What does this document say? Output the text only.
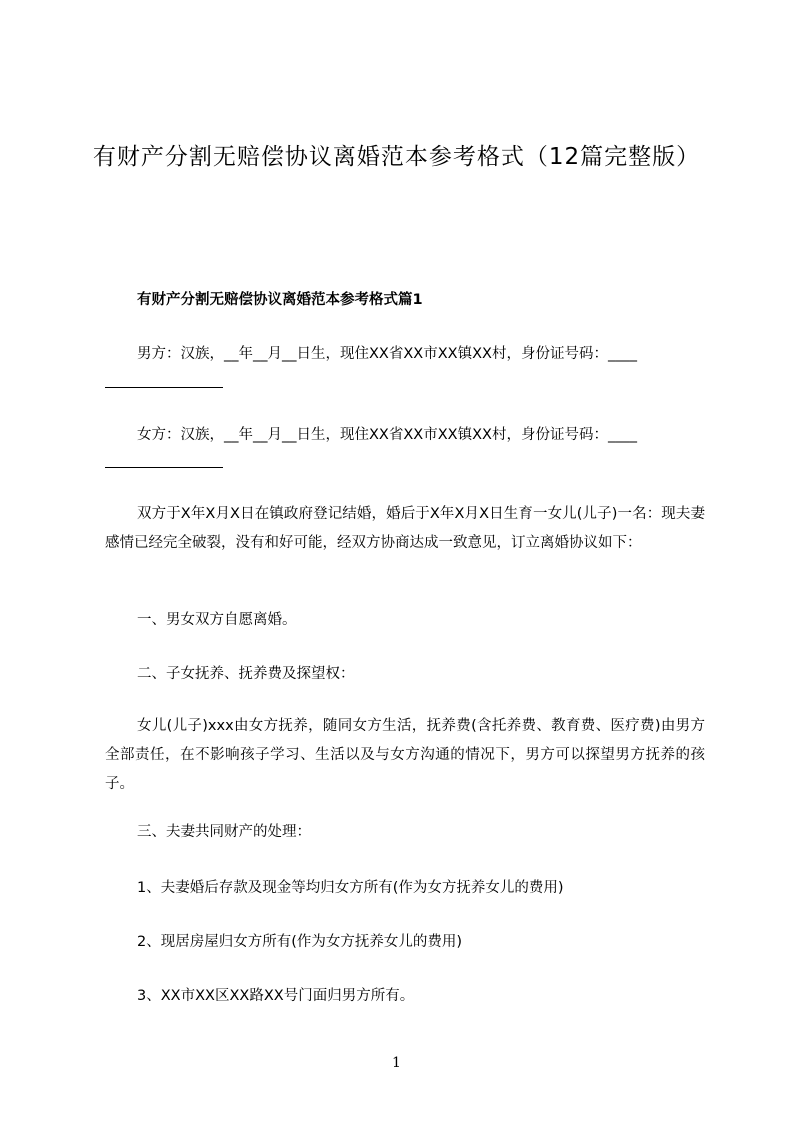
有财产分割无赔偿协议离婚范本参考格式（12篇完整版）
有财产分割无赔偿协议离婚范本参考格式篇1
男方：汉族，__年__月__日生，现住XX省XX市XX镇XX村，身份证号码：____
女方：汉族，__年__月__日生，现住XX省XX市XX镇XX村，身份证号码：____
双方于X年X月X日在镇政府登记结婚，婚后于X年X月X日生育一女儿(儿子)一名：现夫妻感情已经完全破裂，没有和好可能，经双方协商达成一致意见，订立离婚协议如下：
一、男女双方自愿离婚。
二、子女抚养、抚养费及探望权：
女儿(儿子)xxx由女方抚养，随同女方生活，抚养费(含托养费、教育费、医疗费)由男方全部责任，在不影响孩子学习、生活以及与女方沟通的情况下，男方可以探望男方抚养的孩子。
三、夫妻共同财产的处理：
1、夫妻婚后存款及现金等均归女方所有(作为女方抚养女儿的费用)
2、现居房屋归女方所有(作为女方抚养女儿的费用)
3、XX市XX区XX路XX号门面归男方所有。
1
